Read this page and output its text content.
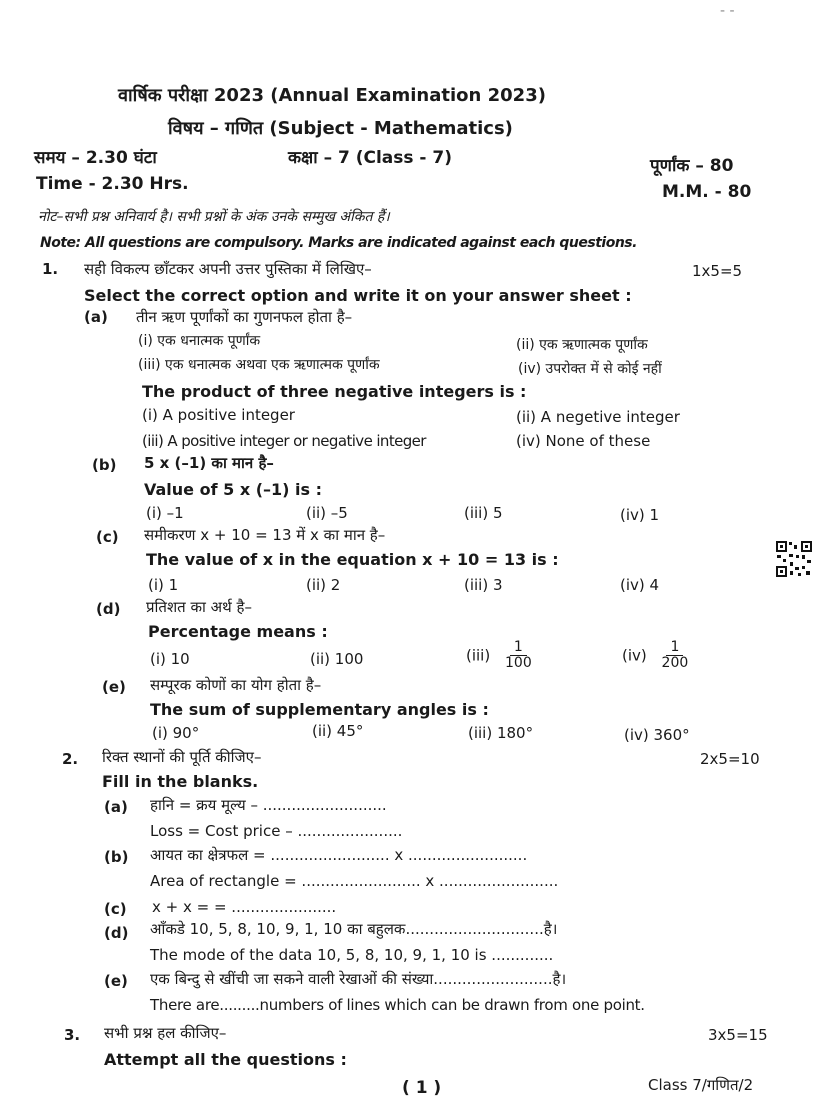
- -
वार्षिक परीक्षा 2023 (Annual Examination 2023)
विषय – गणित (Subject - Mathematics)
समय – 2.30 घंटा	कक्षा – 7 (Class - 7)	पूर्णांक – 80
Time - 2.30 Hrs.	M.M. - 80
नोट–सभी प्रश्न अनिवार्य है। सभी प्रश्नों के अंक उनके सम्मुख अंकित हैं।
Note: All questions are compulsory. Marks are indicated against each questions.
1. सही विकल्प छाँटकर अपनी उत्तर पुस्तिका में लिखिए–	1x5=5
Select the correct option and write it on your answer sheet :
(a) तीन ऋण पूर्णांकों का गुणनफल होता है–
(i) एक धनात्मक पूर्णांक	(ii) एक ऋणात्मक पूर्णांक
(iii) एक धनात्मक अथवा एक ऋणात्मक पूर्णांक	(iv) उपरोक्त में से कोई नहीं
The product of three negative integers is :
(i) A positive integer	(ii) A negetive integer
(iii) A positive integer or negative integer	(iv) None of these
(b) 5 x (–1) का मान है–
Value of 5 x (–1) is :
(i) –1	(ii) –5	(iii) 5	(iv) 1
(c) समीकरण x + 10 = 13 में x का मान है–
The value of x in the equation x + 10 = 13 is :
(i) 1	(ii) 2	(iii) 3	(iv) 4
(d) प्रतिशत का अर्थ है–
Percentage means :
(i) 10	(ii) 100	$(iii) \frac{1}{100}$	$(iv) \frac{1}{200}$
(e) सम्पूरक कोणों का योग होता है–
The sum of supplementary angles is :
(i) 90°	(ii) 45°	(iii) 180°	(iv) 360°
2. रिक्त स्थानों की पूर्ति कीजिए–	2x5=10
Fill in the blanks.
(a) हानि = क्रय मूल्य – ..........................
Loss = Cost price – ......................
(b) आयत का क्षेत्रफल = ......................... x .........................
Area of rectangle = ......................... x .........................
(c) x + x = = ......................
(d) आँकडे 10, 5, 8, 10, 9, 1, 10 का बहुलक.............................है।
The mode of the data 10, 5, 8, 10, 9, 1, 10 is .............
(e) एक बिन्दु से खींची जा सकने वाली रेखाओं की संख्या.........................है।
There are.........numbers of lines which can be drawn from one point.
3. सभी प्रश्न हल कीजिए–	3x5=15
Attempt all the questions :
( 1 )	Class 7/गणित/2
